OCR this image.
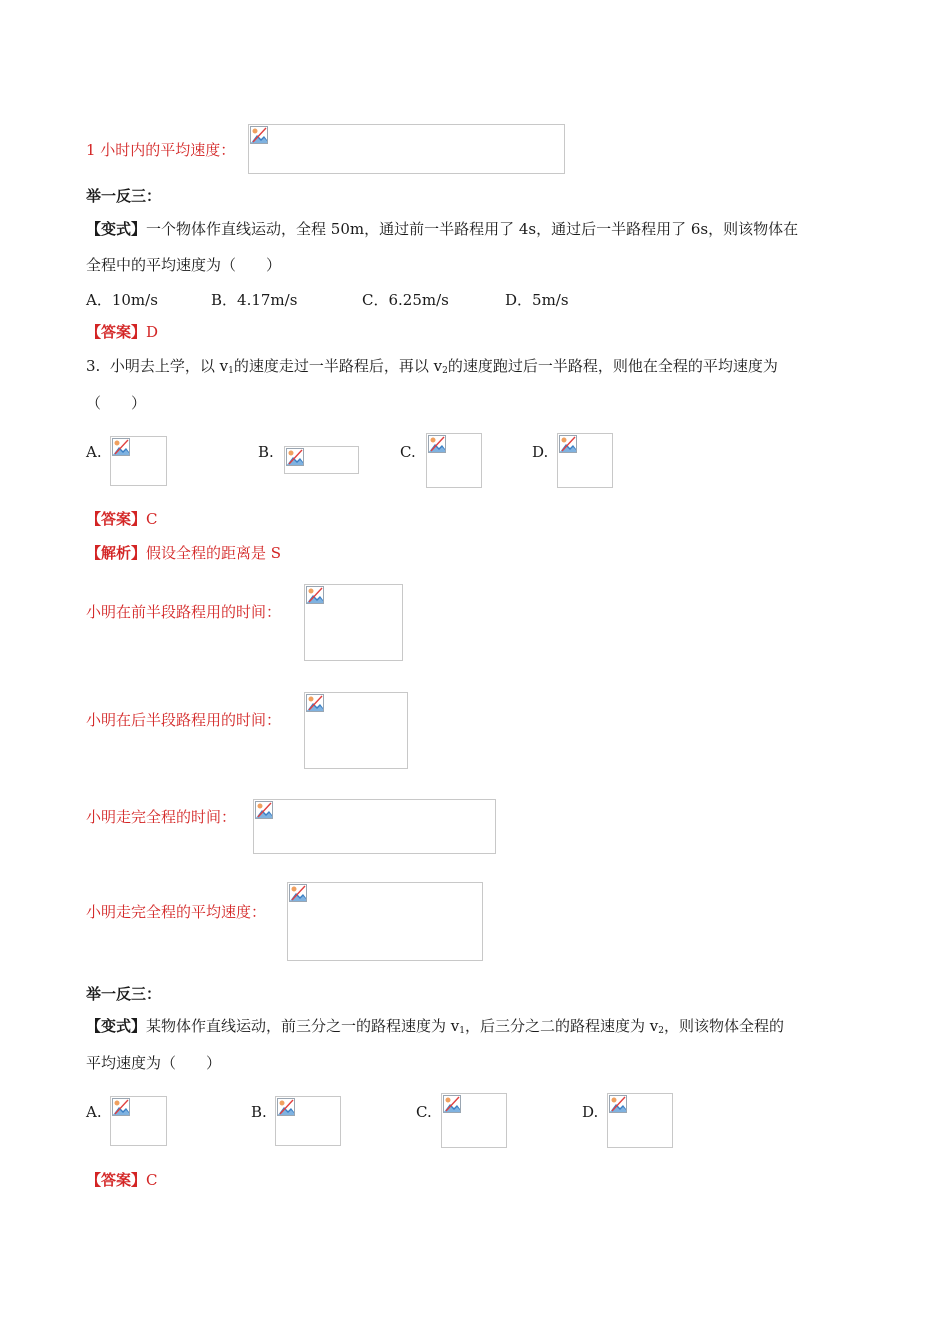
1 小时内的平均速度：
举一反三：
【变式】一个物体作直线运动，全程 50m，通过前一半路程用了 4s，通过后一半路程用了 6s，则该物体在
全程中的平均速度为（　　）
A．10m/s	B．4.17m/s	C．6.25m/s	D．5m/s
【答案】D
3. 小明去上学，以 $v_1$的速度走过一半路程后，再以 $v_2$的速度跑过后一半路程，则他在全程的平均速度为
（　　）
A.	B.	C.	D.
【答案】C
【解析】假设全程的距离是 S
小明在前半段路程用的时间：
小明在后半段路程用的时间：
小明走完全程的时间：
小明走完全程的平均速度：
举一反三：
【变式】某物体作直线运动，前三分之一的路程速度为 $v_1$，后三分之二的路程速度为 $v_2$，则该物体全程的
平均速度为（　　）
A.	B.	C.	D.
【答案】C
